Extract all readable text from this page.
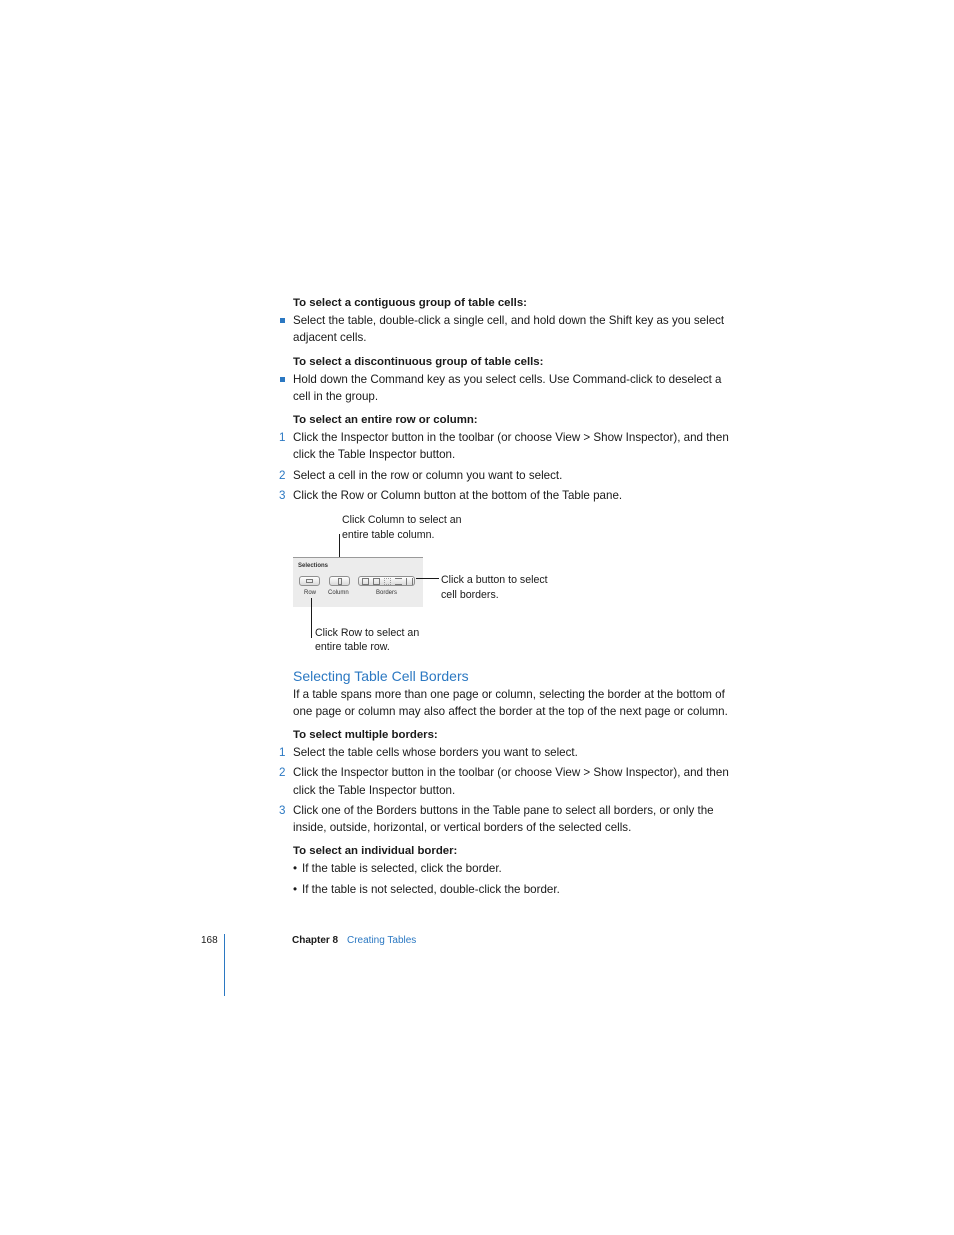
To select a contiguous group of table cells:
Select the table, double-click a single cell, and hold down the Shift key as you select
adjacent cells.
To select a discontinuous group of table cells:
Hold down the Command key as you select cells. Use Command-click to deselect a
cell in the group.
To select an entire row or column:
1 Click the Inspector button in the toolbar (or choose View > Show Inspector), and then
click the Table Inspector button.
2 Select a cell in the row or column you want to select.
3 Click the Row or Column button at the bottom of the Table pane.
Click Column to select an
entire table column.
Selections
Row Column	Borders
Click a button to select
cell borders.
Click Row to select an
entire table row.
Selecting Table Cell Borders
If a table spans more than one page or column, selecting the border at the bottom of
one page or column may also affect the border at the top of the next page or column.
To select multiple borders:
1 Select the table cells whose borders you want to select.
2 Click the Inspector button in the toolbar (or choose View > Show Inspector), and then
click the Table Inspector button.
3 Click one of the Borders buttons in the Table pane to select all borders, or only the
inside, outside, horizontal, or vertical borders of the selected cells.
To select an individual border:
• If the table is selected, click the border.
• If the table is not selected, double-click the border.
168	Chapter 8 Creating Tables
